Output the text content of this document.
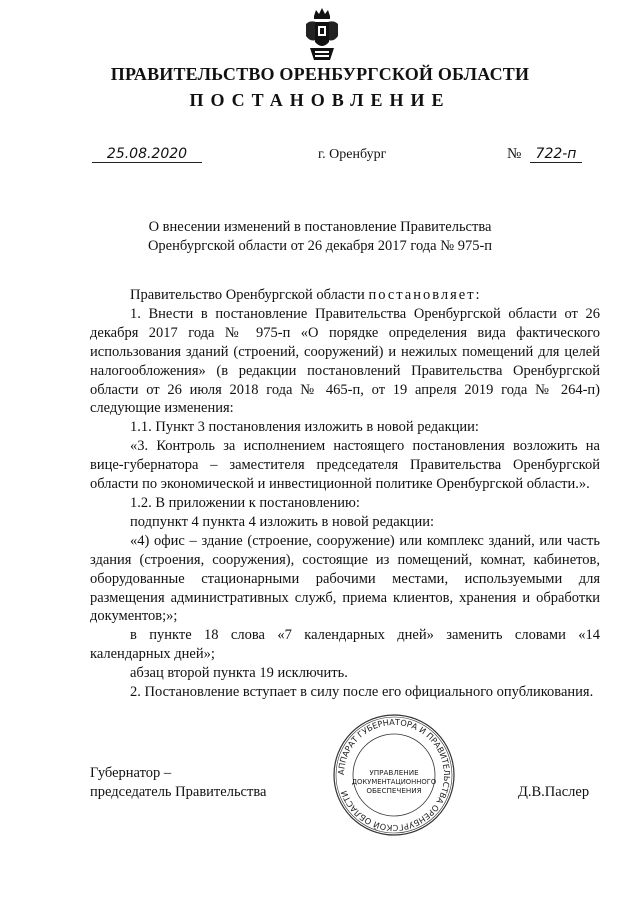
ПРАВИТЕЛЬСТВО ОРЕНБУРГСКОЙ ОБЛАСТИ
ПОСТАНОВЛЕНИЕ
25.08.2020	г. Оренбург	№	722-п
О внесении изменений в постановление Правительства
Оренбургской области от 26 декабря 2017 года № 975-п

Правительство Оренбургской области постановляет:

1. Внести в постановление Правительства Оренбургской области от 26 декабря 2017 года № 975-п «О порядке определения вида фактического использования зданий (строений, сооружений) и нежилых помещений для целей налогообложения» (в редакции постановлений Правительства Оренбургской области от 26 июля 2018 года № 465-п, от 19 апреля 2019 года № 264-п) следующие изменения:

1.1. Пункт 3 постановления изложить в новой редакции:

«3. Контроль за исполнением настоящего постановления возложить на вице-губернатора – заместителя председателя Правительства Оренбургской области по экономической и инвестиционной политике Оренбургской области.».

1.2. В приложении к постановлению:

подпункт 4 пункта 4 изложить в новой редакции:

«4) офис – здание (строение, сооружение) или комплекс зданий, или часть здания (строения, сооружения), состоящие из помещений, комнат, кабинетов, оборудованные стационарными рабочими местами, используемыми для размещения административных служб, приема клиентов, хранения и обработки документов;»;

в пункте 18 слова «7 календарных дней» заменить словами «14 календарных дней»;

абзац второй пункта 19 исключить.

2. Постановление вступает в силу после его официального опубликования.

Губернатор –
председатель Правительства
АППАРАТ ГУБЕРНАТОРА И ПРАВИТЕЛЬСТВА ОРЕНБУРГСКОЙ ОБЛАСТИ
УПРАВЛЕНИЕ
ДОКУМЕНТАЦИОННОГО
ОБЕСПЕЧЕНИЯ	Д.В.Паслер
